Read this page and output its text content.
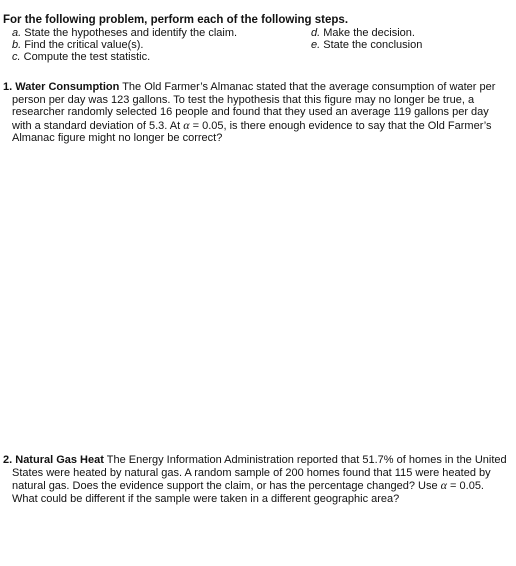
For the following problem, perform each of the following steps.
a. State the hypotheses and identify the claim.
b. Find the critical value(s).
c. Compute the test statistic.
d. Make the decision.
e. State the conclusion
1. Water Consumption The Old Farmer’s Almanac stated that the average consumption of water per person per day was 123 gallons. To test the hypothesis that this figure may no longer be true, a researcher randomly selected 16 people and found that they used an average 119 gallons per day with a standard deviation of 5.3. At α = 0.05, is there enough evidence to say that the Old Farmer’s Almanac figure might no longer be correct?
2. Natural Gas Heat The Energy Information Administration reported that 51.7% of homes in the United States were heated by natural gas. A random sample of 200 homes found that 115 were heated by natural gas. Does the evidence support the claim, or has the percentage changed? Use α = 0.05. What could be different if the sample were taken in a different geographic area?
